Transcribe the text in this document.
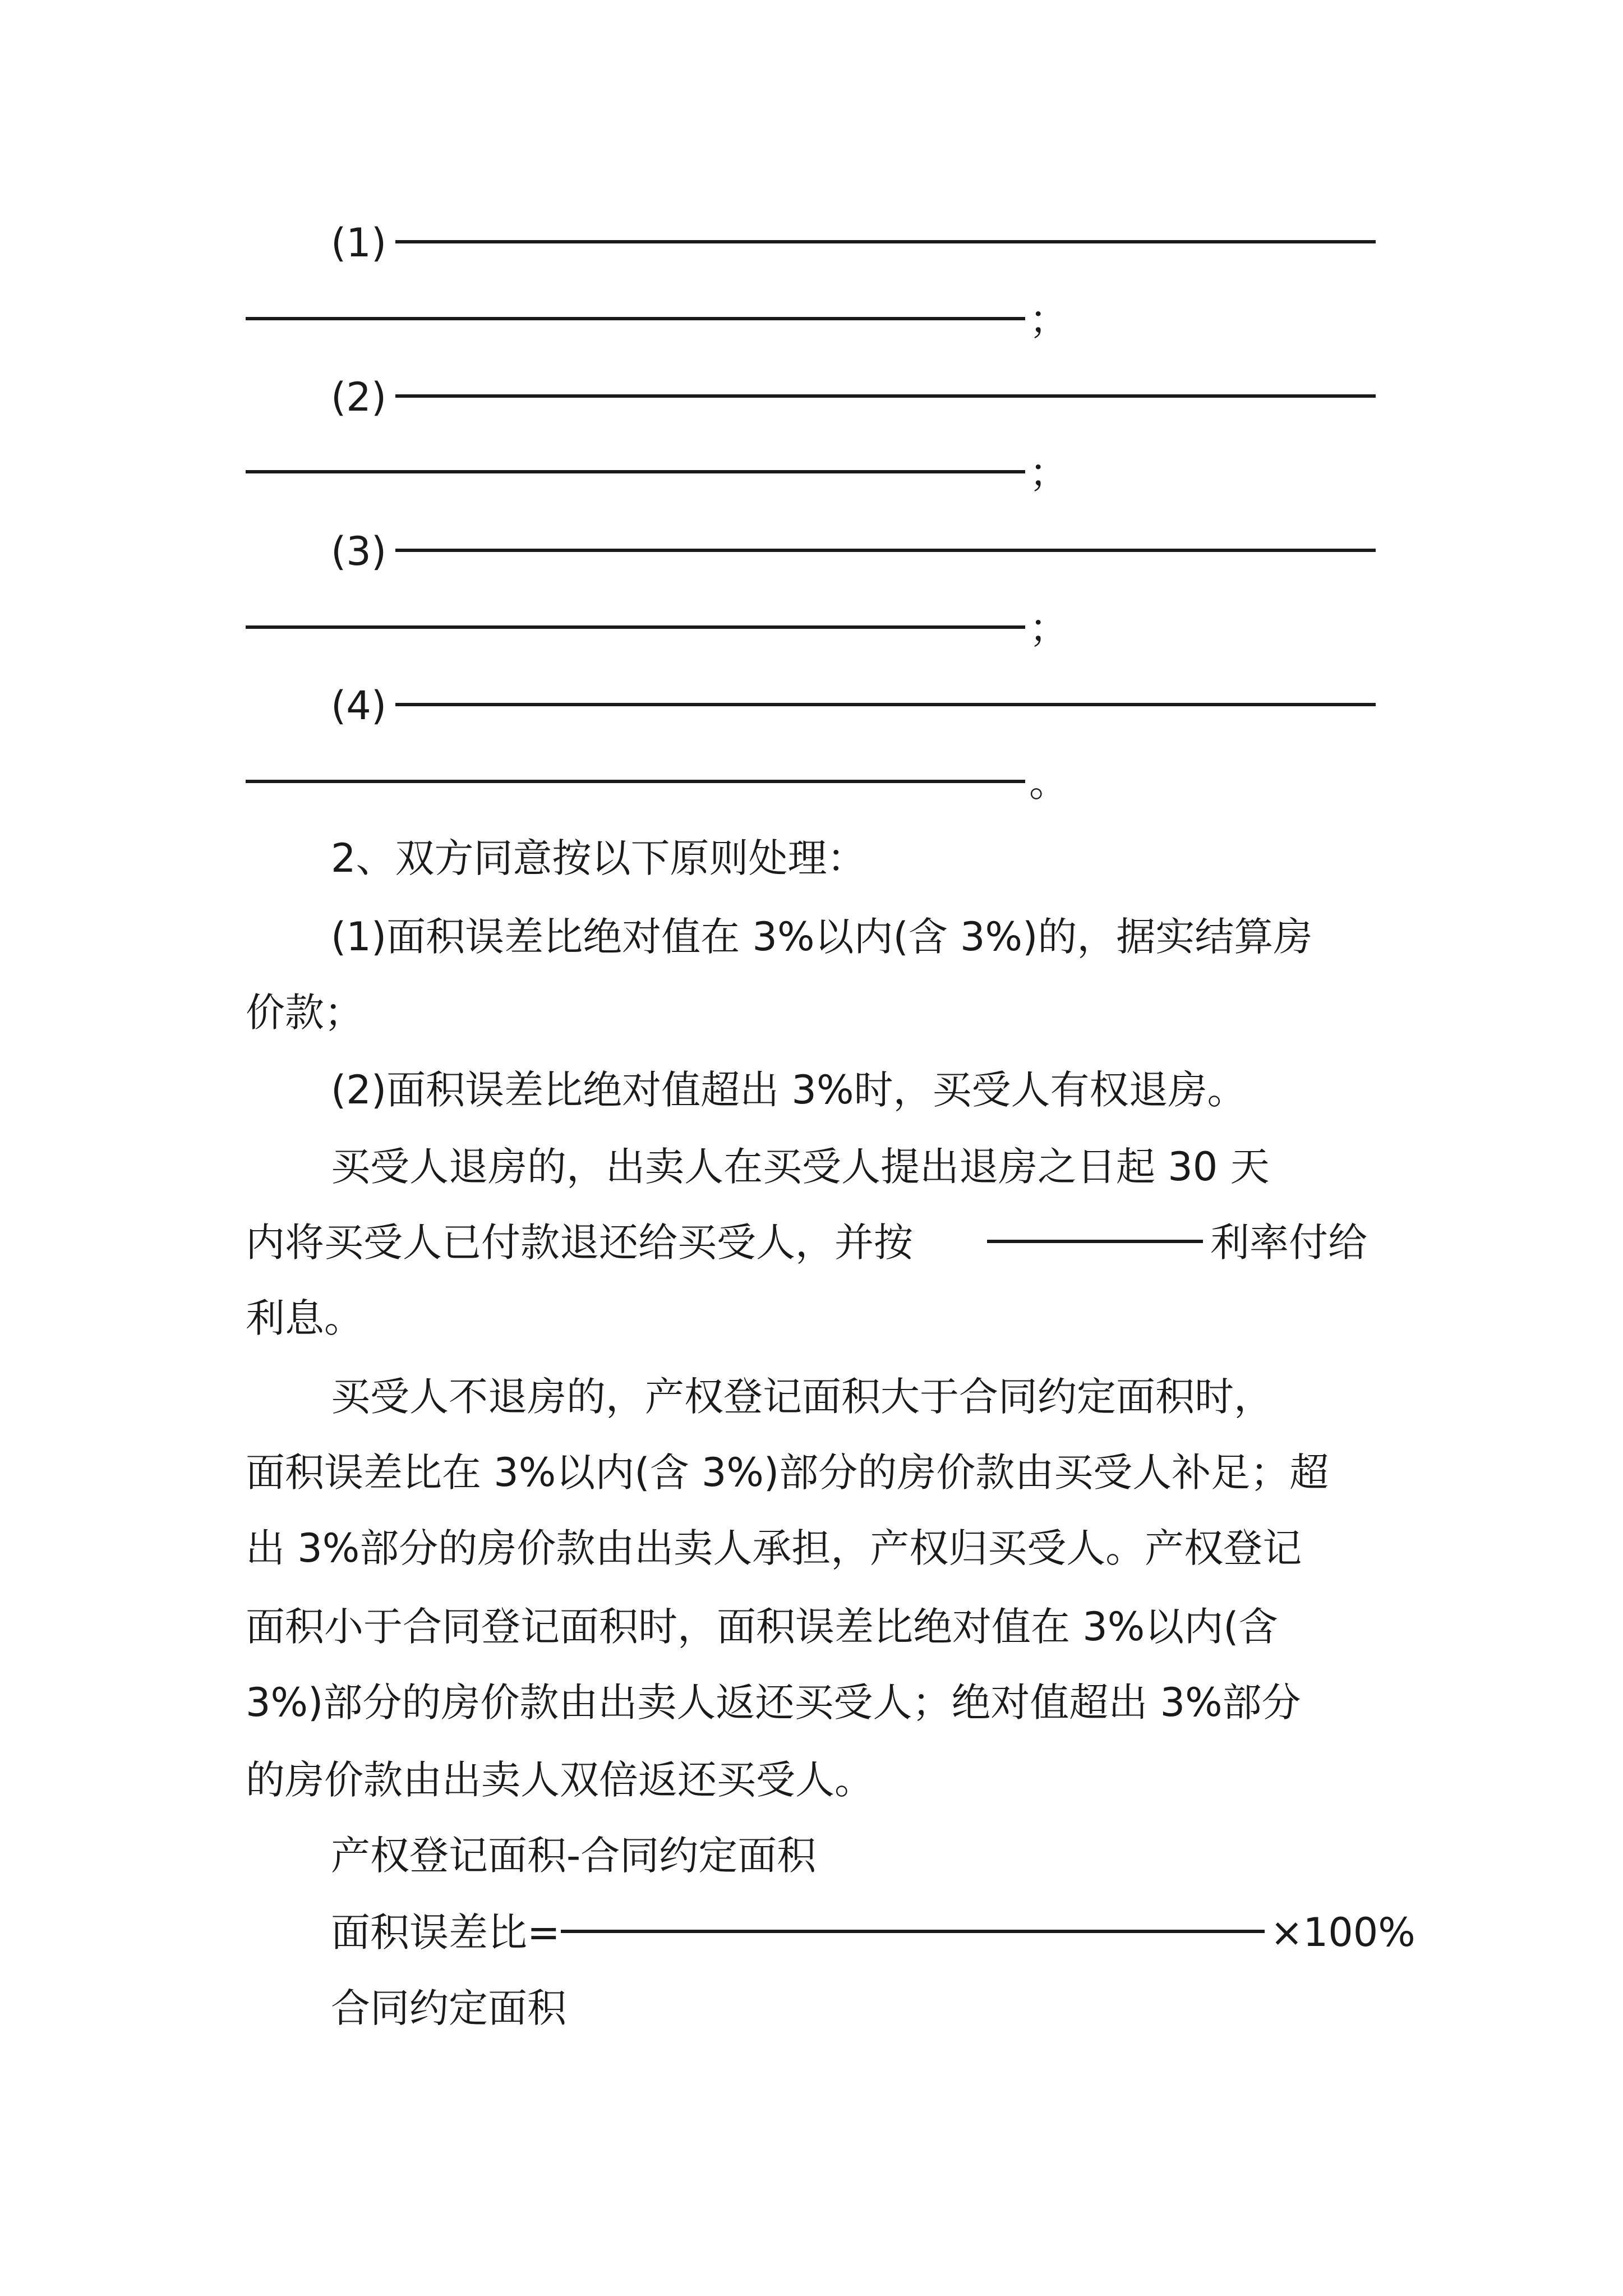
(1)
；
(2)
；
(3)
；
(4)
。
2、双方同意按以下原则处理：
(1)面积误差比绝对值在 3%以内(含 3%)的，据实结算房
价款；
(2)面积误差比绝对值超出 3%时，买受人有权退房。
买受人退房的，出卖人在买受人提出退房之日起 30 天
内将买受人已付款退还给买受人，并按	利率付给
利息。
买受人不退房的，产权登记面积大于合同约定面积时，
面积误差比在 3%以内(含 3%)部分的房价款由买受人补足；超
出 3%部分的房价款由出卖人承担，产权归买受人。产权登记
面积小于合同登记面积时，面积误差比绝对值在 3%以内(含
3%)部分的房价款由出卖人返还买受人；绝对值超出 3%部分
的房价款由出卖人双倍返还买受人。
产权登记面积-合同约定面积
面积误差比=	×100%
合同约定面积
